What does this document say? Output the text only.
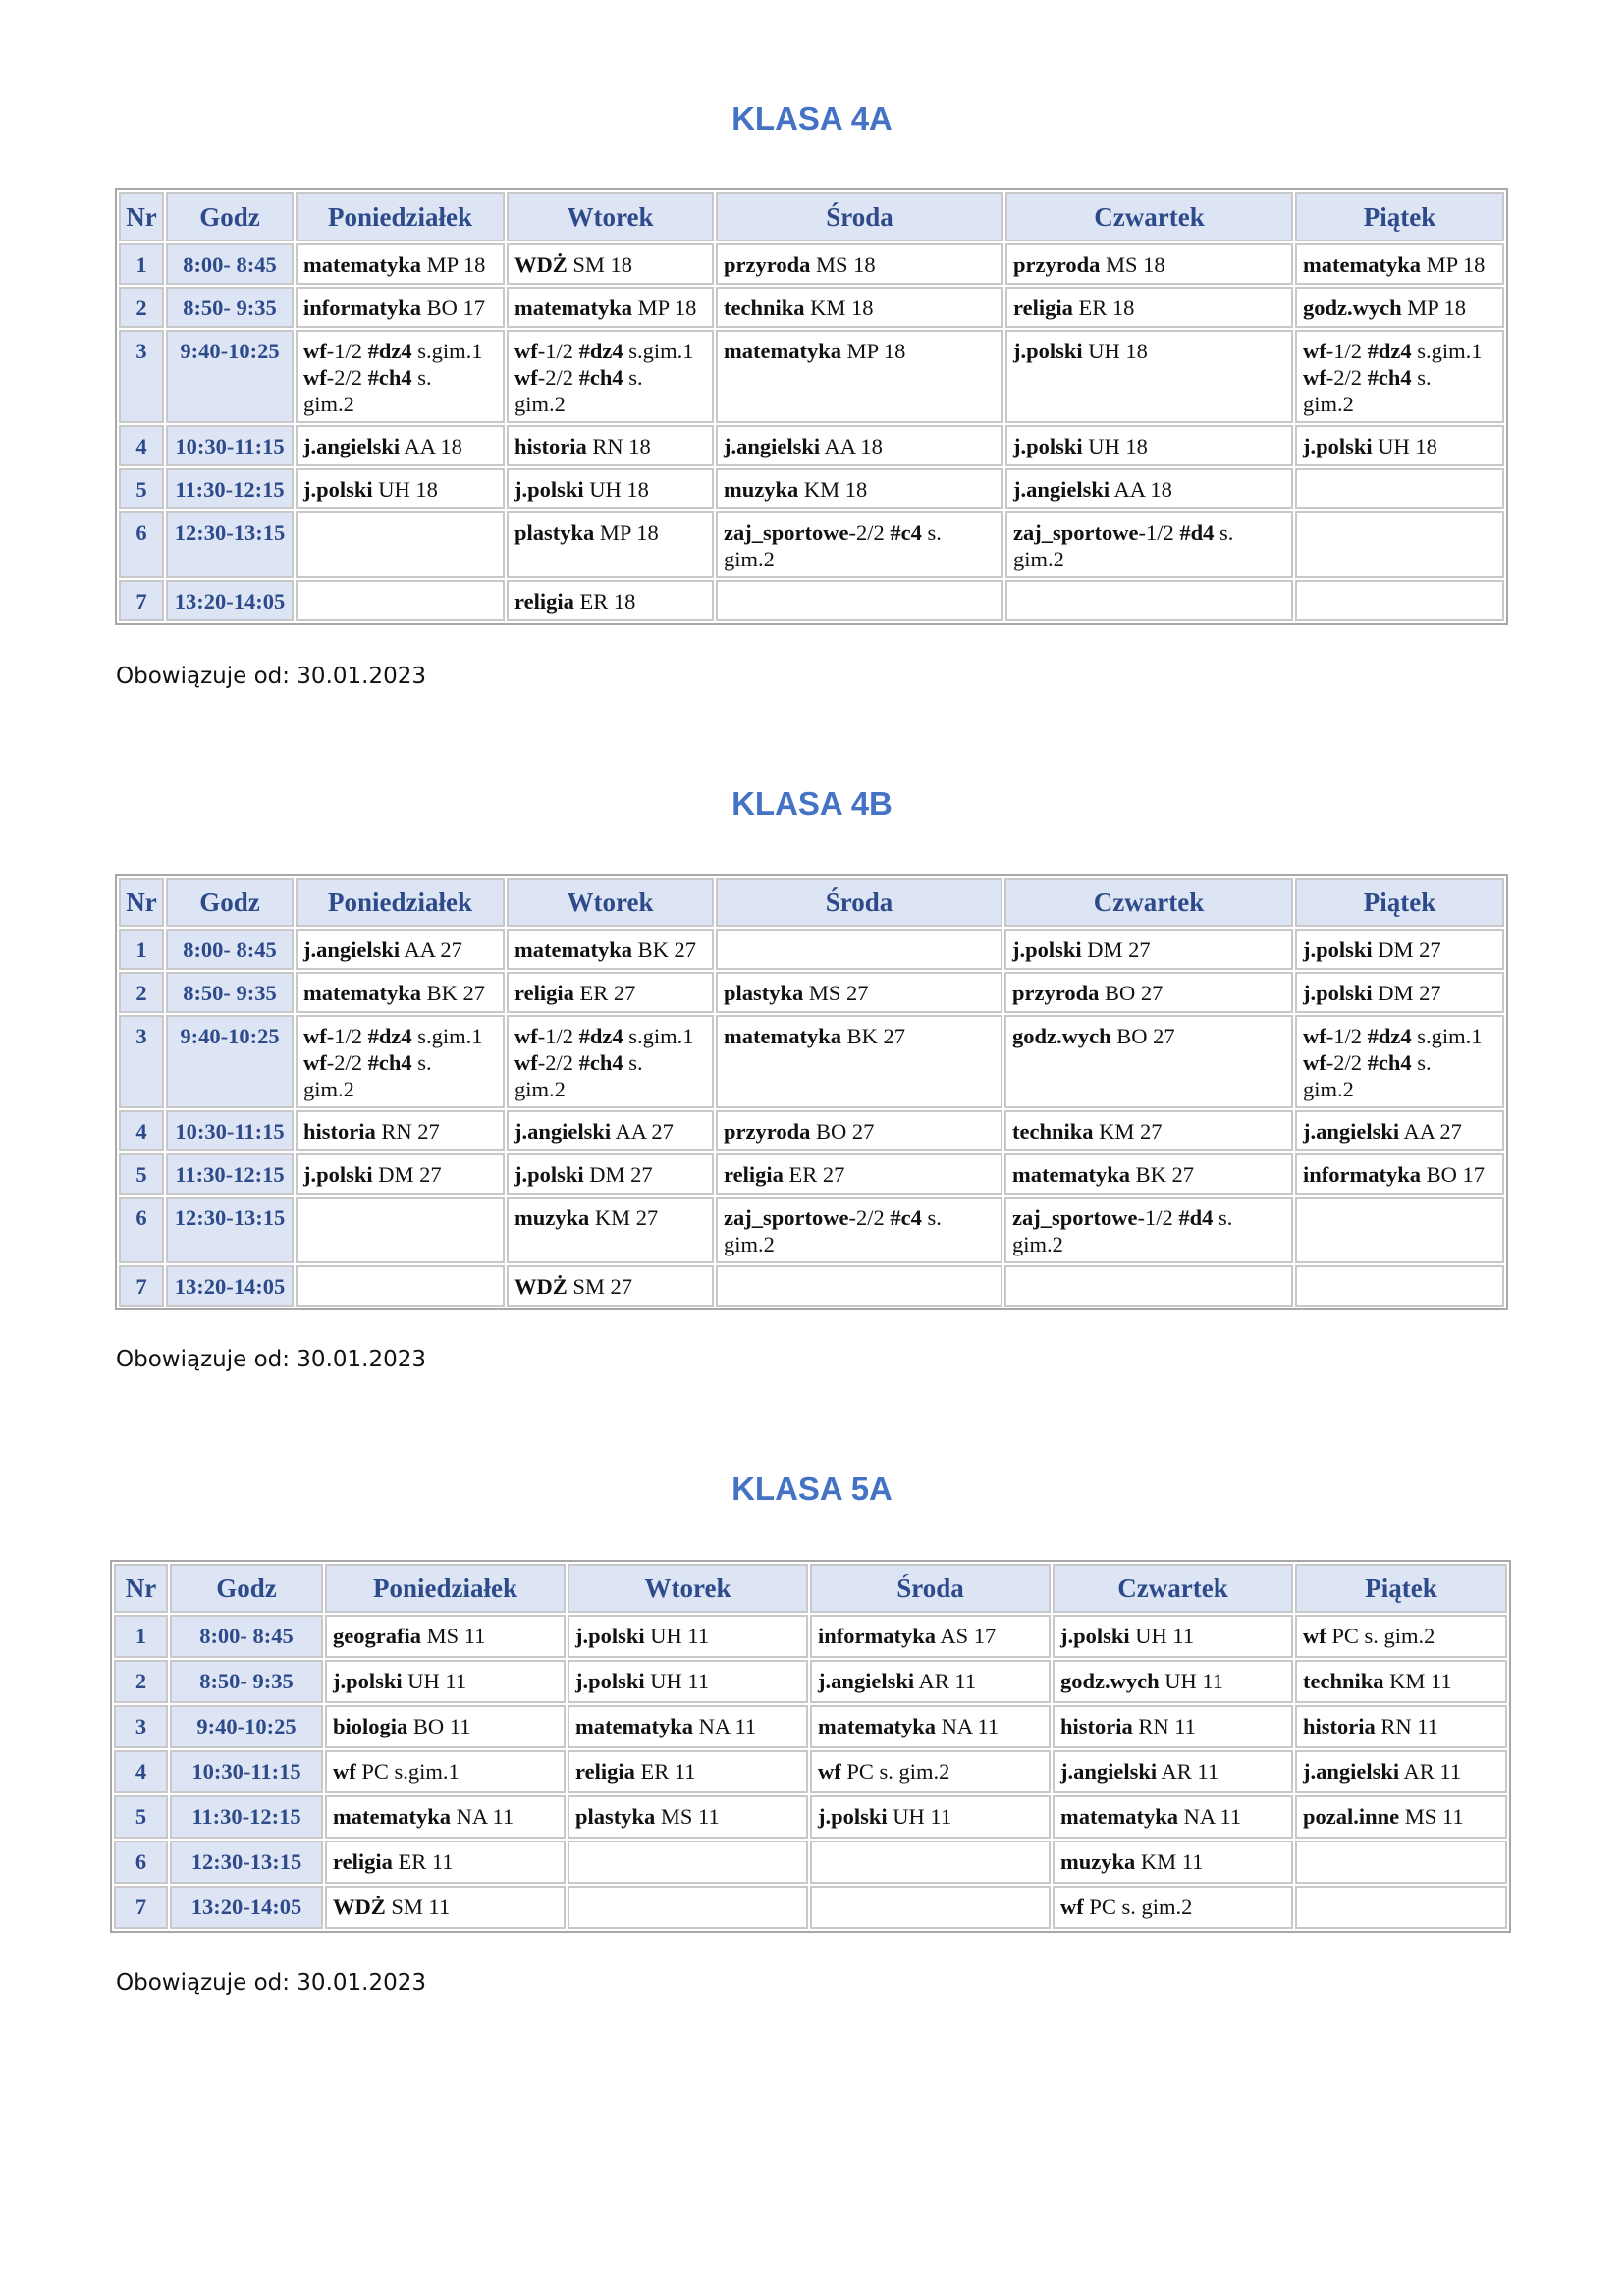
KLASA 4A
Nr	Godz	Poniedziałek	Wtorek	Środa	Czwartek	Piątek
1	8:00- 8:45	matematyka MP 18	WDŻ SM 18	przyroda MS 18	przyroda MS 18	matematyka MP 18

2	8:50- 9:35	informatyka BO 17	matematyka MP 18	technika KM 18	religia ER 18	godz.wych MP 18

3	9:40-10:25	wf-1/2 #dz4 s.gim.1
wf-2/2 #ch4 s.
gim.2	wf-1/2 #dz4 s.gim.1
wf-2/2 #ch4 s.
gim.2	matematyka MP 18	j.polski UH 18	wf-1/2 #dz4 s.gim.1
wf-2/2 #ch4 s.
gim.2

4	10:30-11:15	j.angielski AA 18	historia RN 18	j.angielski AA 18	j.polski UH 18	j.polski UH 18

5	11:30-12:15	j.polski UH 18	j.polski UH 18	muzyka KM 18	j.angielski AA 18	

6	12:30-13:15		plastyka MP 18	zaj_sportowe-2/2 #c4 s.
gim.2	zaj_sportowe-1/2 #d4 s.
gim.2	

7	13:20-14:05		religia ER 18			

Obowiązuje od: 30.01.2023

KLASA 4B
Nr	Godz	Poniedziałek	Wtorek	Środa	Czwartek	Piątek
1	8:00- 8:45	j.angielski AA 27	matematyka BK 27		j.polski DM 27	j.polski DM 27

2	8:50- 9:35	matematyka BK 27	religia ER 27	plastyka MS 27	przyroda BO 27	j.polski DM 27

3	9:40-10:25	wf-1/2 #dz4 s.gim.1
wf-2/2 #ch4 s.
gim.2	wf-1/2 #dz4 s.gim.1
wf-2/2 #ch4 s.
gim.2	matematyka BK 27	godz.wych BO 27	wf-1/2 #dz4 s.gim.1
wf-2/2 #ch4 s.
gim.2

4	10:30-11:15	historia RN 27	j.angielski AA 27	przyroda BO 27	technika KM 27	j.angielski AA 27

5	11:30-12:15	j.polski DM 27	j.polski DM 27	religia ER 27	matematyka BK 27	informatyka BO 17

6	12:30-13:15		muzyka KM 27	zaj_sportowe-2/2 #c4 s.
gim.2	zaj_sportowe-1/2 #d4 s.
gim.2	

7	13:20-14:05		WDŻ SM 27			

Obowiązuje od: 30.01.2023

KLASA 5A
Nr	Godz	Poniedziałek	Wtorek	Środa	Czwartek	Piątek
1	8:00- 8:45	geografia MS 11	j.polski UH 11	informatyka AS 17	j.polski UH 11	wf PC s. gim.2

2	8:50- 9:35	j.polski UH 11	j.polski UH 11	j.angielski AR 11	godz.wych UH 11	technika KM 11

3	9:40-10:25	biologia BO 11	matematyka NA 11	matematyka NA 11	historia RN 11	historia RN 11

4	10:30-11:15	wf PC s.gim.1	religia ER 11	wf PC s. gim.2	j.angielski AR 11	j.angielski AR 11

5	11:30-12:15	matematyka NA 11	plastyka MS 11	j.polski UH 11	matematyka NA 11	pozal.inne MS 11

6	12:30-13:15	religia ER 11			muzyka KM 11	

7	13:20-14:05	WDŻ SM 11			wf PC s. gim.2	

Obowiązuje od: 30.01.2023
